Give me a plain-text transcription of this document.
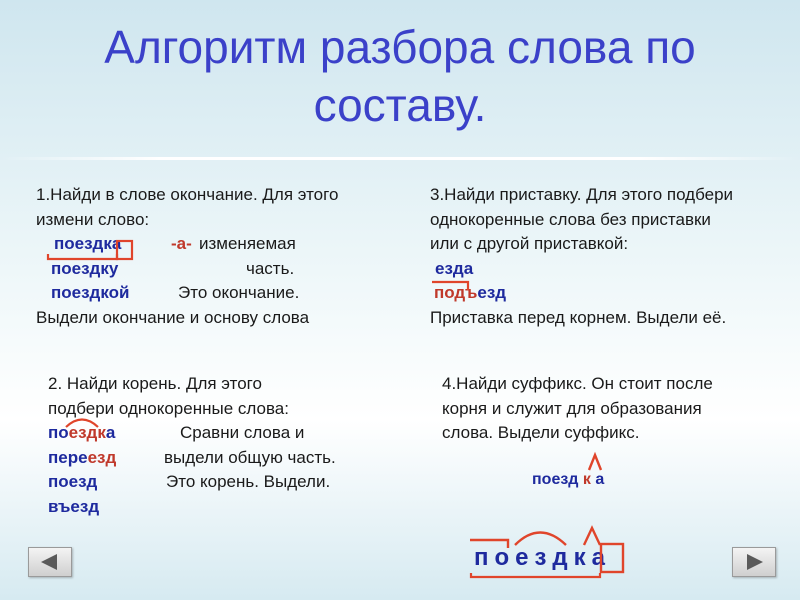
Алгоритм разбора слова по
составу.
1.Найди в слове окончание. Для этого
измени слово:
поездка	-а- изменяемая
поездку	часть.
поездкой	Это окончание.
Выдели окончание и основу слова
3.Найди приставку. Для этого подбери
однокоренные слова без приставки
или с другой приставкой:
езда
подъезд
Приставка перед корнем. Выдели её.
2. Найди корень. Для этого
подбери однокоренные слова:
поездка	Сравни слова и
переезд	выдели общую часть.
поезд	Это корень. Выдели.
въезд
4.Найди суффикс. Он стоит после
корня и служит для образования
слова. Выдели суффикс.
поезд к а
поездка
